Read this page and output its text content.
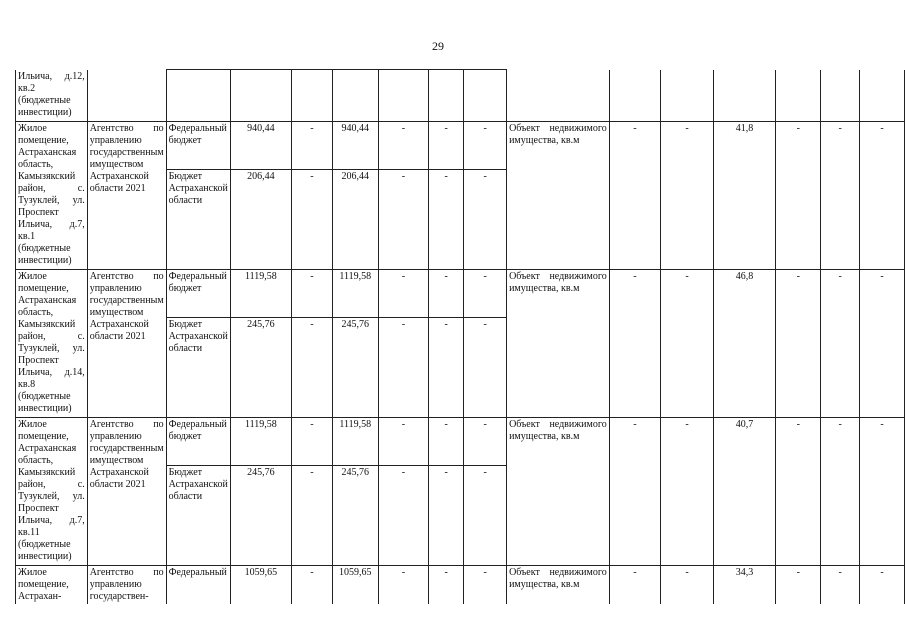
29
Ильича, д.12, кв.2 (бюджетные инвестиции)															
Жилое помещение, Астраханская область, Камызякский район, с. Тузуклей, ул. Проспект Ильича, д.7, кв.1 (бюджетные инвестиции)	Агентство по управлению государственным имуществом Астраханской области 2021	Федеральный бюджет	940,44	-	940,44	-	-	-	Объект недвижимого имущества, кв.м	-	-	41,8	-	-	-
		Бюджет Астраханской области	206,44	-	206,44	-	-	-							
Жилое помещение, Астраханская область, Камызякский район, с. Тузуклей, ул. Проспект Ильича, д.14, кв.8 (бюджетные инвестиции)	Агентство по управлению государственным имуществом Астраханской области 2021	Федеральный бюджет	1119,58	-	1119,58	-	-	-	Объект недвижимого имущества, кв.м	-	-	46,8	-	-	-
		Бюджет Астраханской области	245,76	-	245,76	-	-	-							
Жилое помещение, Астраханская область, Камызякский район, с. Тузуклей, ул. Проспект Ильича, д.7, кв.11 (бюджетные инвестиции)	Агентство по управлению государственным имуществом Астраханской области 2021	Федеральный бюджет	1119,58	-	1119,58	-	-	-	Объект недвижимого имущества, кв.м	-	-	40,7	-	-	-
		Бюджет Астраханской области	245,76	-	245,76	-	-	-							
Жилое помещение, Астрахан-	Агентство по управлению государствен-	Федеральный	1059,65	-	1059,65	-	-	-	Объект недвижимого имущества, кв.м	-	-	34,3	-	-	-
